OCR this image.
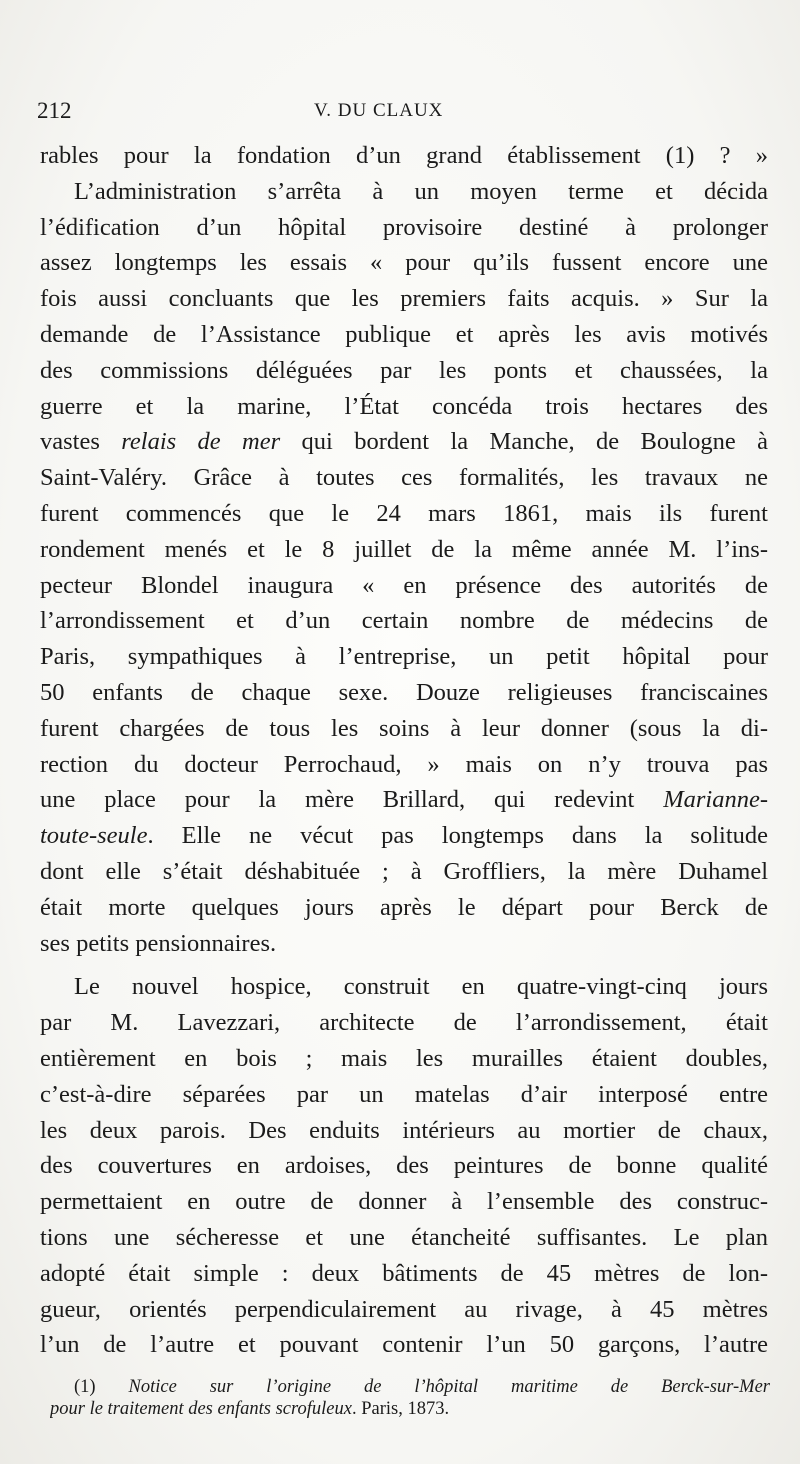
212	V. DU CLAUX
rables pour la fondation d’un grand établissement (1) ? »
L’administration s’arrêta à un moyen terme et décida
l’édification d’un hôpital provisoire destiné à prolonger
assez longtemps les essais « pour qu’ils fussent encore une
fois aussi concluants que les premiers faits acquis. » Sur la
demande de l’Assistance publique et après les avis motivés
des commissions déléguées par les ponts et chaussées, la
guerre et la marine, l’État concéda trois hectares des
vastes relais de mer qui bordent la Manche, de Boulogne à
Saint-Valéry. Grâce à toutes ces formalités, les travaux ne
furent commencés que le 24 mars 1861, mais ils furent
rondement menés et le 8 juillet de la même année M. l’ins-
pecteur Blondel inaugura « en présence des autorités de
l’arrondissement et d’un certain nombre de médecins de
Paris, sympathiques à l’entreprise, un petit hôpital pour
50 enfants de chaque sexe. Douze religieuses franciscaines
furent chargées de tous les soins à leur donner (sous la di-
rection du docteur Perrochaud, » mais on n’y trouva pas
une place pour la mère Brillard, qui redevint Marianne-
toute-seule. Elle ne vécut pas longtemps dans la solitude
dont elle s’était déshabituée ; à Groffliers, la mère Duhamel
était morte quelques jours après le départ pour Berck de
ses petits pensionnaires.
Le nouvel hospice, construit en quatre-vingt-cinq jours
par M. Lavezzari, architecte de l’arrondissement, était
entièrement en bois ; mais les murailles étaient doubles,
c’est-à-dire séparées par un matelas d’air interposé entre
les deux parois. Des enduits intérieurs au mortier de chaux,
des couvertures en ardoises, des peintures de bonne qualité
permettaient en outre de donner à l’ensemble des construc-
tions une sécheresse et une étancheité suffisantes. Le plan
adopté était simple : deux bâtiments de 45 mètres de lon-
gueur, orientés perpendiculairement au rivage, à 45 mètres
l’un de l’autre et pouvant contenir l’un 50 garçons, l’autre
(1) Notice sur l’origine de l’hôpital maritime de Berck-sur-Mer
pour le traitement des enfants scrofuleux. Paris, 1873.
